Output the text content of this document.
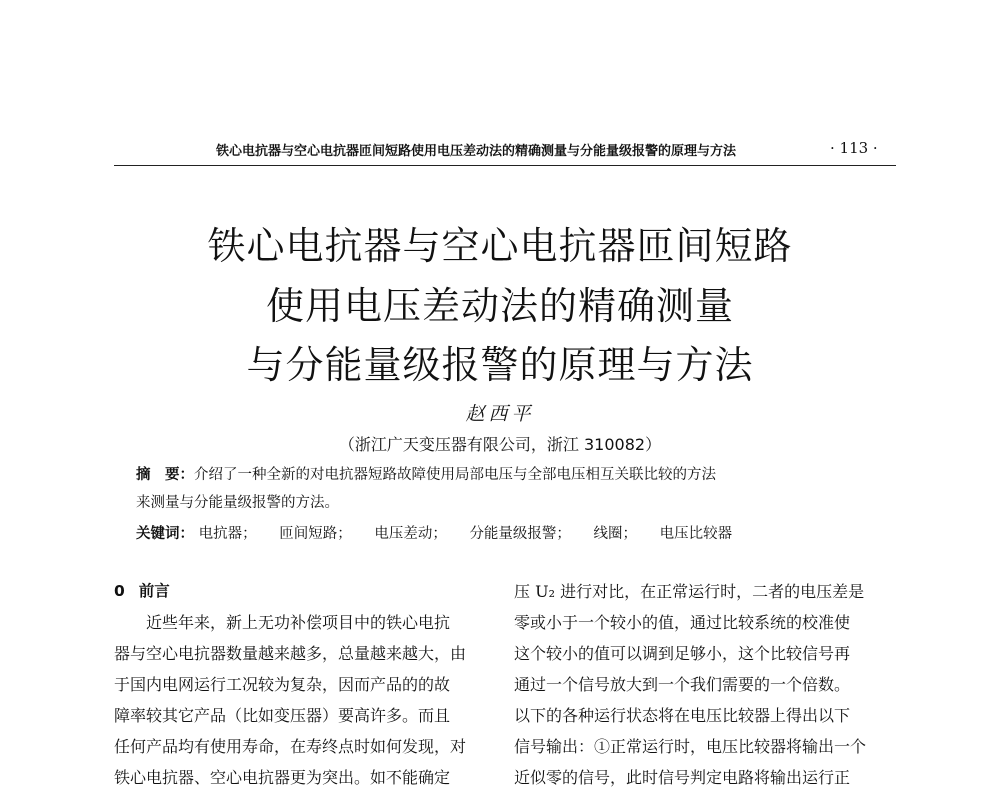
铁心电抗器与空心电抗器匝间短路使用电压差动法的精确测量与分能量级报警的原理与方法	· 113 ·
铁心电抗器与空心电抗器匝间短路
使用电压差动法的精确测量
与分能量级报警的原理与方法
赵西平
（浙江广天变压器有限公司，浙江 310082）
摘　要：介绍了一种全新的对电抗器短路故障使用局部电压与全部电压相互关联比较的方法
来测量与分能量级报警的方法。
关键词： 电抗器； 匝间短路； 电压差动； 分能量级报警； 线圈； 电压比较器
0 前言
近些年来，新上无功补偿项目中的铁心电抗
器与空心电抗器数量越来越多，总量越来越大，由
于国内电网运行工况较为复杂，因而产品的的故
障率较其它产品（比如变压器）要高许多。而且
任何产品均有使用寿命，在寿终点时如何发现，对
铁心电抗器、空心电抗器更为突出。如不能确定
压 U₂ 进行对比，在正常运行时，二者的电压差是
零或小于一个较小的值，通过比较系统的校准使
这个较小的值可以调到足够小，这个比较信号再
通过一个信号放大到一个我们需要的一个倍数。
以下的各种运行状态将在电压比较器上得出以下
信号输出：①正常运行时，电压比较器将输出一个
近似零的信号，此时信号判定电路将输出运行正
